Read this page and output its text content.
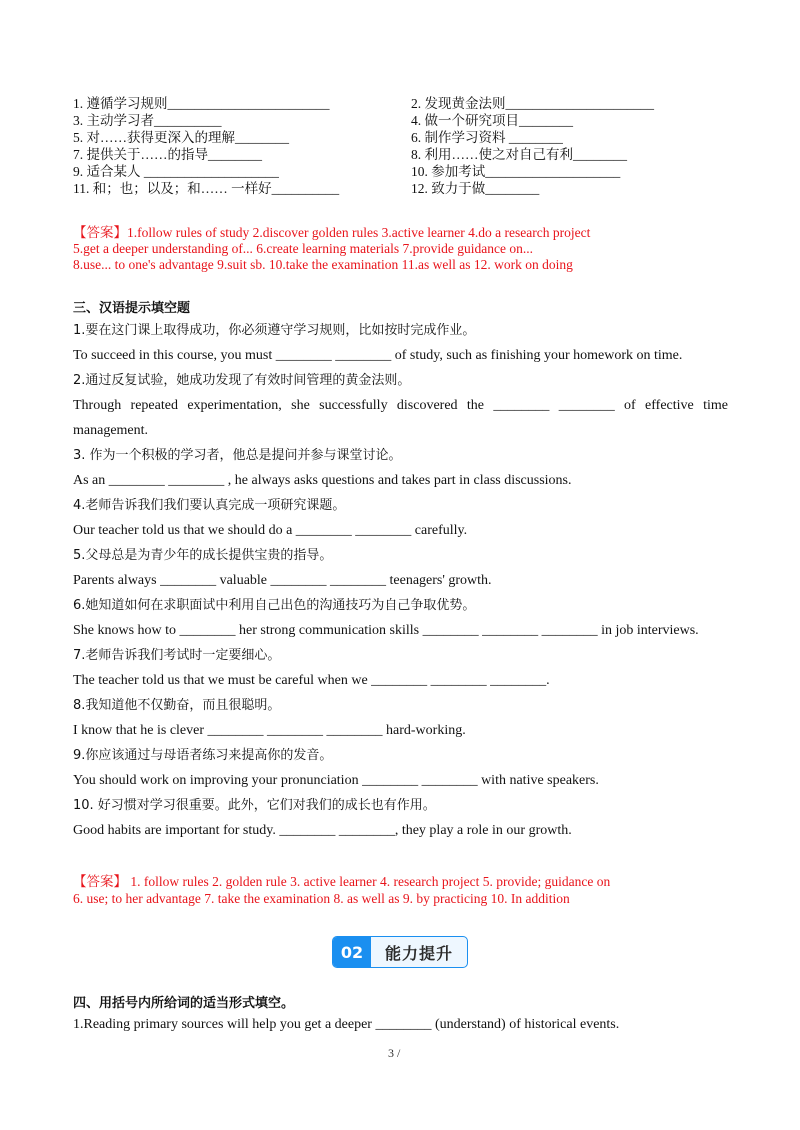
1. 遵循学习规则________________________	2. 发现黄金法则______________________
3. 主动学习者__________	4. 做一个研究项目________
5. 对……获得更深入的理解________	6. 制作学习资料 ________
7. 提供关于……的指导________	8. 利用……使之对自己有利________
9. 适合某人 ____________________	10. 参加考试____________________
11. 和；也；以及；和…… 一样好__________	12. 致力于做________
【答案】1.follow rules of study 2.discover golden rules 3.active learner 4.do a research project
5.get a deeper understanding of... 6.create learning materials 7.provide guidance on...
8.use... to one's advantage 9.suit sb. 10.take the examination 11.as well as 12. work on doing
三、汉语提示填空题
1.要在这门课上取得成功，你必须遵守学习规则，比如按时完成作业。
To succeed in this course, you must ________ ________ of study, such as finishing your homework on time.
2.通过反复试验，她成功发现了有效时间管理的黄金法则。
Through repeated experimentation, she successfully discovered the ________ ________ of effective time management.
3. 作为一个积极的学习者，他总是提问并参与课堂讨论。
As an ________ ________ , he always asks questions and takes part in class discussions.
4.老师告诉我们我们要认真完成一项研究课题。
Our teacher told us that we should do a ________ ________ carefully.
5.父母总是为青少年的成长提供宝贵的指导。
Parents always ________ valuable ________ ________ teenagers' growth.
6.她知道如何在求职面试中利用自己出色的沟通技巧为自己争取优势。
She knows how to ________ her strong communication skills ________ ________ ________ in job interviews.
7.老师告诉我们考试时一定要细心。
The teacher told us that we must be careful when we ________ ________ ________.
8.我知道他不仅勤奋，而且很聪明。
I know that he is clever ________ ________ ________ hard-working.
9.你应该通过与母语者练习来提高你的发音。
You should work on improving your pronunciation ________ ________ with native speakers.
10. 好习惯对学习很重要。此外，它们对我们的成长也有作用。
Good habits are important for study. ________ ________, they play a role in our growth.
【答案】 1. follow rules 2. golden rule 3. active learner 4. research project 5. provide; guidance on
6. use; to her advantage 7. take the examination 8. as well as 9. by practicing 10. In addition
02	能力提升
四、用括号内所给词的适当形式填空。
1.Reading primary sources will help you get a deeper ________ (understand) of historical events.
3 /
